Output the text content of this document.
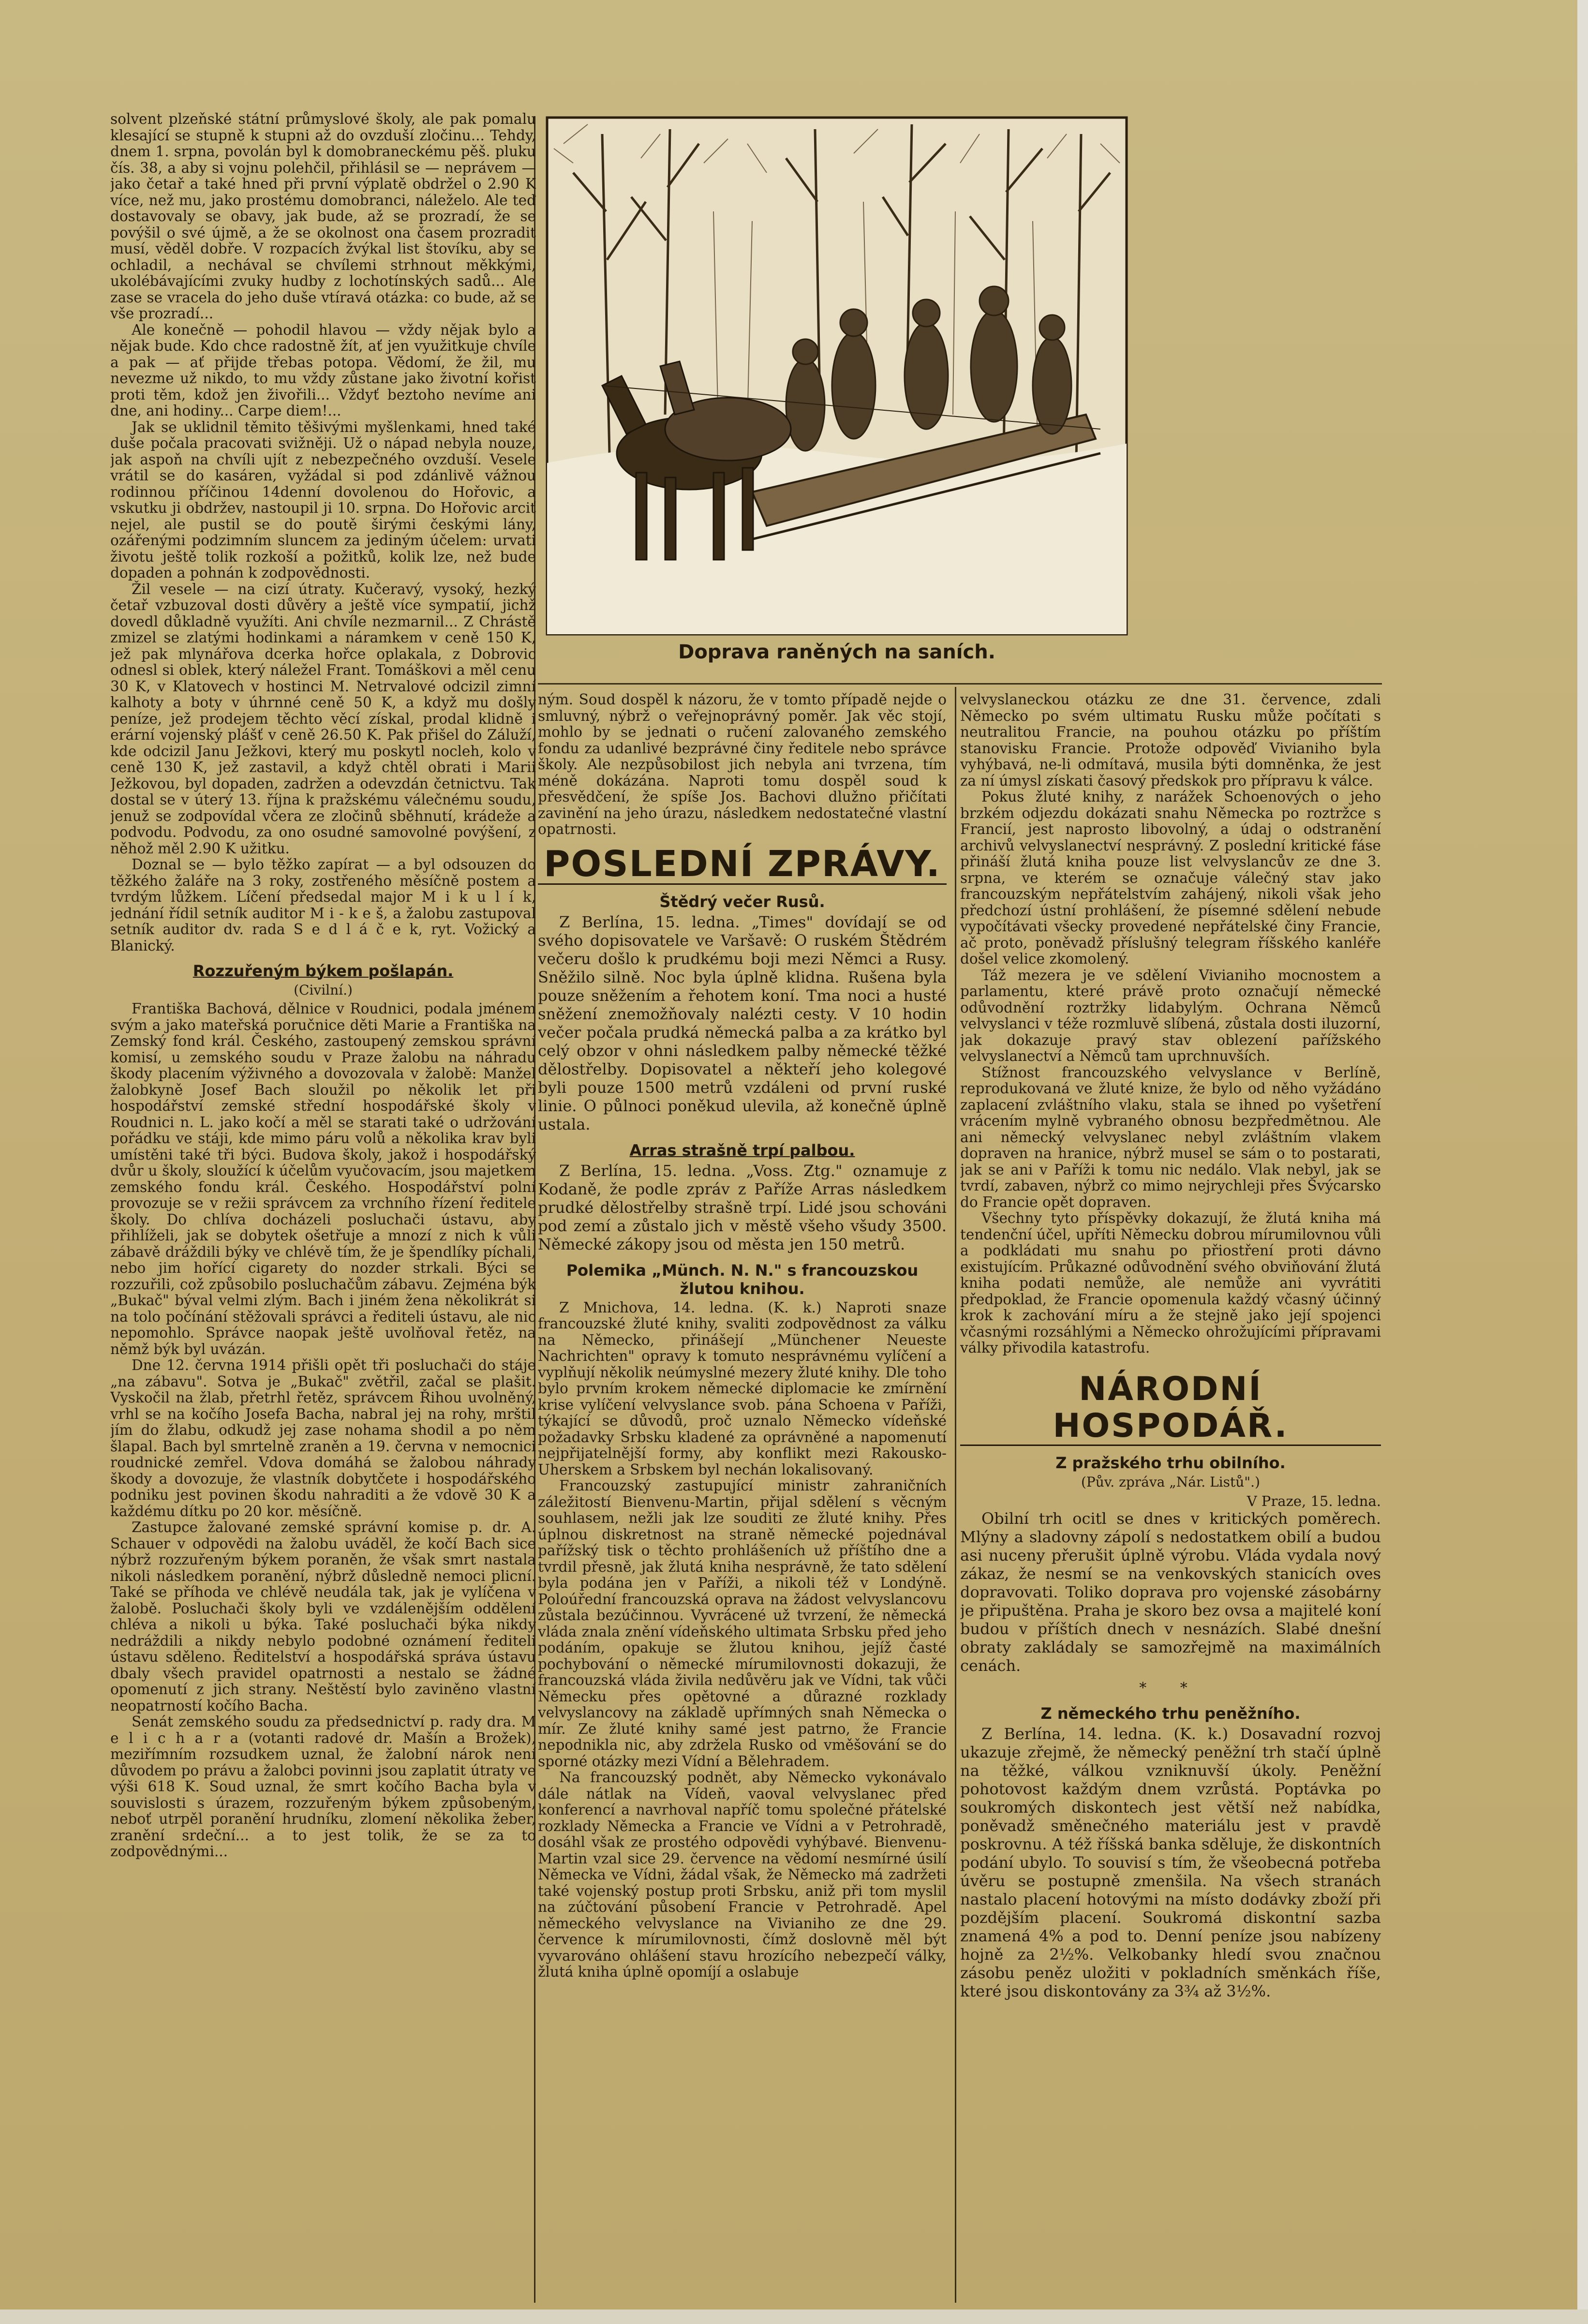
Doprava raněných na saních.

solvent plzeňské státní průmyslové školy, ale pak pomalu klesající se stupně k stupni až do ovzduší zločinu... Tehdy, dnem 1. srpna, povolán byl k domobraneckému pěš. pluku čís. 38, a aby si vojnu polehčil, přihlásil se — neprávem — jako četař a také hned při první výplatě obdržel o 2.90 K více, než mu, jako prostému domobranci, náleželo. Ale teď dostavovaly se obavy, jak bude, až se prozradí, že se povýšil o své újmě, a že se okolnost ona časem prozradit musí, věděl dobře. V rozpacích žvýkal list štovíku, aby se ochladil, a nechával se chvílemi strhnout měkkými, ukolébávajícími zvuky hudby z lochotínských sadů... Ale zase se vracela do jeho duše vtíravá otázka: co bude, až se vše prozradí...

Ale konečně — pohodil hlavou — vždy nějak bylo a nějak bude. Kdo chce radostně žít, ať jen využitkuje chvíle a pak — ať přijde třebas potopa. Vědomí, že žil, mu nevezme už nikdo, to mu vždy zůstane jako životní kořist proti těm, kdož jen živořili... Vždyť beztoho nevíme ani dne, ani hodiny... Carpe diem!...

Jak se uklidnil těmito těšivými myšlenkami, hned také duše počala pracovati svižněji. Už o nápad nebyla nouze, jak aspoň na chvíli ujít z nebezpečného ovzduší. Vesele vrátil se do kasáren, vyžádal si pod zdánlivě vážnou rodinnou příčinou 14denní dovolenou do Hořovic, a vskutku ji obdržev, nastoupil ji 10. srpna. Do Hořovic arciť nejel, ale pustil se do poutě širými českými lány, ozářenými podzimním sluncem za jediným účelem: urvati životu ještě tolik rozkoší a požitků, kolik lze, než bude dopaden a pohnán k zodpovědnosti.

Žil vesele — na cizí útraty. Kučeravý, vysoký, hezký četař vzbuzoval dosti důvěry a ještě více sympatií, jichž dovedl důkladně využíti. Ani chvíle nezmarnil... Z Chrástě zmizel se zlatými hodinkami a náramkem v ceně 150 K, jež pak mlynářova dcerka hořce oplakala, z Dobrovic odnesl si oblek, který náležel Frant. Tomáškovi a měl cenu 30 K, v Klatovech v hostinci M. Netrvalové odcizil zimní kalhoty a boty v úhrnné ceně 50 K, a když mu došly peníze, jež prodejem těchto věcí získal, prodal klidně i erární vojenský plášť v ceně 26.50 K. Pak přišel do Záluží, kde odcizil Janu Ježkovi, který mu poskytl nocleh, kolo v ceně 130 K, jež zastavil, a když chtěl obrati i Marii Ježkovou, byl dopaden, zadržen a odevzdán četnictvu. Tak dostal se v úterý 13. října k pražskému válečnému soudu, jenuž se zodpovídal včera ze zločinů sběhnutí, krádeže a podvodu. Podvodu, za ono osudné samovolné povýšení, z něhož měl 2.90 K užitku.

Doznal se — bylo těžko zapírat — a byl odsouzen do těžkého žaláře na 3 roky, zostřeného měsíčně postem a tvrdým lůžkem. Líčení předsedal major M i k u l í k, jednání řídil setník auditor M i - k e š, a žalobu zastupoval setník auditor dv. rada S e d l á č e k, ryt. Vožický a Blanický.

Rozzuřeným býkem pošlapán.
(Civilní.)

Františka Bachová, dělnice v Roudnici, podala jménem svým a jako mateřská poručnice děti Marie a Františka na Zemský fond král. Českého, zastoupený zemskou správní komisí, u zemského soudu v Praze žalobu na náhradu škody placením výživného a dovozovala v žalobě: Manžel žalobkyně Josef Bach sloužil po několik let při hospodářství zemské střední hospodářské školy v Roudnici n. L. jako kočí a měl se starati také o udržování pořádku ve stáji, kde mimo páru volů a několika krav byli umístěni také tři býci. Budova školy, jakož i hospodářský dvůr u školy, sloužící k účelům vyučovacím, jsou majetkem zemského fondu král. Českého. Hospodářství polní provozuje se v režii správcem za vrchního řízení ředitele školy. Do chlíva docházeli posluchači ústavu, aby přihlíželi, jak se dobytek ošetřuje a mnozí z nich k vůli zábavě dráždili býky ve chlévě tím, že je špendlíky píchali, nebo jim hořící cigarety do nozder strkali. Býci se rozzuřili, což způsobilo posluchačům zábavu. Zejména býk „Bukač" býval velmi zlým. Bach i jiném žena několikrát si na tolo počínání stěžovali správci a řediteli ústavu, ale nic nepomohlo. Správce naopak ještě uvolňoval řetěz, na němž býk byl uvázán.

Dne 12. června 1914 přišli opět tři posluchači do stáje „na zábavu". Sotva je „Bukač" zvětřil, začal se plašit. Vyskočil na žlab, přetrhl řetěz, správcem Řihou uvolněný, vrhl se na kočího Josefa Bacha, nabral jej na rohy, mrštil jím do žlabu, odkudž jej zase nohama shodil a po něm šlapal. Bach byl smrtelně zraněn a 19. června v nemocnici roudnické zemřel. Vdova domáhá se žalobou náhrady škody a dovozuje, že vlastník dobytčete i hospodářského podniku jest povinen škodu nahraditi a že vdově 30 K a každému dítku po 20 kor. měsíčně.

Zastupce žalované zemské správní komise p. dr. A. Schauer v odpovědi na žalobu uváděl, že kočí Bach sice nýbrž rozzuřeným býkem poraněn, že však smrt nastala nikoli následkem poranění, nýbrž důsledně nemoci plicní. Také se příhoda ve chlévě neudála tak, jak je vylíčena v žalobě. Posluchači školy byli ve vzdálenějším oddělení chléva a nikoli u býka. Také posluchači býka nikdy nedráždili a nikdy nebylo podobné oznámení řediteli ústavu sděleno. Ředitelství a hospodářská správa ústavu dbaly všech pravidel opatrnosti a nestalo se žádné opomenutí z jich strany. Neštěstí bylo zaviněno vlastní neopatrností kočího Bacha.

Senát zemského soudu za předsednictví p. rady dra. M e l i c h a r a (votanti radové dr. Mašín a Brožek), meziřímním rozsudkem uznal, že žalobní nárok není důvodem po právu a žalobci povinni jsou zaplatit útraty ve výši 618 K. Soud uznal, že smrt kočího Bacha byla v souvislosti s úrazem, rozzuřeným býkem způsobeným, neboť utrpěl poranění hrudníku, zlomení několika žeber, zranění srdeční... a to jest tolik, že se za to zodpovědnými...

ným. Soud dospěl k názoru, že v tomto případě nejde o smluvný, nýbrž o veřejnoprávný poměr. Jak věc stojí, mohlo by se jednati o ručení zalovaného zemského fondu za udanlivé bezprávné činy ředitele nebo správce školy. Ale nezpůsobilost jich nebyla ani tvrzena, tím méně dokázána. Naproti tomu dospěl soud k přesvědčení, že spíše Jos. Bachovi dlužno přičítati zavinění na jeho úrazu, následkem nedostatečné vlastní opatrnosti.

POSLEDNÍ ZPRÁVY.
Štědrý večer Rusů.

Z Berlína, 15. ledna. „Times" dovídají se od svého dopisovatele ve Varšavě: O ruském Štědrém večeru došlo k prudkému boji mezi Němci a Rusy. Sněžilo silně. Noc byla úplně klidna. Rušena byla pouze sněžením a řehotem koní. Tma noci a husté sněžení znemožňovaly nalézti cesty. V 10 hodin večer počala prudká německá palba a za krátko byl celý obzor v ohni následkem palby německé těžké dělostřelby. Dopisovatel a někteří jeho kolegové byli pouze 1500 metrů vzdáleni od první ruské linie. O půlnoci poněkud ulevila, až konečně úplně ustala.

Arras strašně trpí palbou.

Z Berlína, 15. ledna. „Voss. Ztg." oznamuje z Kodaně, že podle zpráv z Paříže Arras následkem prudké dělostřelby strašně trpí. Lidé jsou schováni pod zemí a zůstalo jich v městě všeho všudy 3500. Německé zákopy jsou od města jen 150 metrů.

Polemika „Münch. N. N." s francouzskou žlutou knihou.

Z Mnichova, 14. ledna. (K. k.) Naproti snaze francouzské žluté knihy, svaliti zodpovědnost za válku na Německo, přinášejí „Münchener Neueste Nachrichten" opravy k tomuto nesprávnému vylíčení a vyplňují několik neúmyslné mezery žluté knihy. Dle toho bylo prvním krokem německé diplomacie ke zmírnění krise vylíčení velvyslance svob. pána Schoena v Paříži, týkající se důvodů, proč uznalo Německo vídeňské požadavky Srbsku kladené za oprávněné a napomenutí nejpřijatelnější formy, aby konflikt mezi Rakousko-Uherskem a Srbskem byl nechán lokalisovaný.

Francouzský zastupující ministr zahraničních záležitostí Bienvenu-Martin, přijal sdělení s věcným souhlasem, nežli jak lze souditi ze žluté knihy. Přes úplnou diskretnost na straně německé pojednával pařížský tisk o těchto prohlášeních už příštího dne a tvrdil přesně, jak žlutá kniha nesprávně, že tato sdělení byla podána jen v Paříži, a nikoli též v Londýně. Poloúřední francouzská oprava na žádost velvyslancovu zůstala bezúčinnou. Vyvrácené už tvrzení, že německá vláda znala znění vídeňského ultimata Srbsku před jeho podáním, opakuje se žlutou knihou, jejíž časté pochybování o německé mírumilovnosti dokazuji, že francouzská vláda živila nedůvěru jak ve Vídni, tak vůči Německu přes opětovné a důrazné rozklady velvyslancovy na základě upřímných snah Německa o mír. Ze žluté knihy samé jest patrno, že Francie nepodnikla nic, aby zdržela Rusko od vměšování se do sporné otázky mezi Vídní a Bělehradem.

Na francouzský podnět, aby Německo vykonávalo dále nátlak na Vídeň, vaoval velvyslanec před konferencí a navrhoval napříč tomu společné přátelské rozklady Německa a Francie ve Vídni a v Petrohradě, dosáhl však ze prostého odpovědi vyhýbavé. Bienvenu-Martin vzal sice 29. července na vědomí nesmírné úsilí Německa ve Vídni, žádal však, že Německo má zadržeti také vojenský postup proti Srbsku, aniž při tom myslil na zúčtování působení Francie v Petrohradě. Apel německého velvyslance na Vivianiho ze dne 29. července k mírumilovnosti, čímž doslovně měl být vyvarováno ohlášení stavu hrozícího nebezpečí války, žlutá kniha úplně opomíjí a oslabuje

velvyslaneckou otázku ze dne 31. července, zdali Německo po svém ultimatu Rusku může počítati s neutralitou Francie, na pouhou otázku po příštím stanovisku Francie. Protože odpověď Vivianiho byla vyhýbavá, ne-li odmítavá, musila býti domněnka, že jest za ní úmysl získati časový předskok pro přípravu k válce.

Pokus žluté knihy, z narážek Schoenových o jeho brzkém odjezdu dokázati snahu Německa po roztržce s Francií, jest naprosto libovolný, a údaj o odstranění archivů velvyslanectví nesprávný. Z poslední kritické fáse přináší žlutá kniha pouze list velvyslancův ze dne 3. srpna, ve kterém se označuje válečný stav jako francouzským nepřátelstvím zahájený, nikoli však jeho předchozí ústní prohlášení, že písemné sdělení nebude vypočítávati všecky provedené nepřátelské činy Francie, ač proto, poněvadž příslušný telegram říšského kanléře došel velice zkomolený.

Táž mezera je ve sdělení Vivianiho mocnostem a parlamentu, které právě proto označují německé odůvodnění roztržky lidabylým. Ochrana Němců velvyslanci v téže rozmluvě slíbená, zůstala dosti iluzorní, jak dokazuje pravý stav oblezení pařížského velvyslanectví a Němců tam uprchnuvších.

Stížnost francouzského velvyslance v Berlíně, reprodukovaná ve žluté knize, že bylo od něho vyžádáno zaplacení zvláštního vlaku, stala se ihned po vyšetření vrácením mylně vybraného obnosu bezpředmětnou. Ale ani německý velvyslanec nebyl zvláštním vlakem dopraven na hranice, nýbrž musel se sám o to postarati, jak se ani v Paříži k tomu nic nedálo. Vlak nebyl, jak se tvrdí, zabaven, nýbrž co mimo nejrychleji přes Švýcarsko do Francie opět dopraven.

Všechny tyto příspěvky dokazují, že žlutá kniha má tendenční účel, upříti Německu dobrou mírumilovnou vůli a podkládati mu snahu po přiostření proti dávno existujícím. Průkazné odůvodnění svého obviňování žlutá kniha podati nemůže, ale nemůže ani vyvrátiti předpoklad, že Francie opomenula každý včasný účinný krok k zachování míru a že stejně jako její spojenci včasnými rozsáhlými a Německo ohrožujícími přípravami války přivodila katastrofu.

NÁRODNÍ HOSPODÁŘ.
Z pražského trhu obilního.
(Pův. zpráva „Nár. Listů".)

V Praze, 15. ledna.

Obilní trh ocitl se dnes v kritických poměrech. Mlýny a sladovny zápolí s nedostatkem obilí a budou asi nuceny přerušit úplně výrobu. Vláda vydala nový zákaz, že nesmí se na venkovských stanicích oves dopravovati. Toliko doprava pro vojenské zásobárny je připuštěna. Praha je skoro bez ovsa a majitelé koní budou v příštích dnech v nesnázích. Slabé dnešní obraty zakládaly se samozřejmě na maximálních cenách.

* *
Z německého trhu peněžního.

Z Berlína, 14. ledna. (K. k.) Dosavadní rozvoj ukazuje zřejmě, že německý peněžní trh stačí úplně na těžké, válkou vzniknuvší úkoly. Peněžní pohotovost každým dnem vzrůstá. Poptávka po soukromých diskontech jest větší než nabídka, poněvadž směnečného materiálu jest v pravdě poskrovnu. A též říšská banka sděluje, že diskontních podání ubylo. To souvisí s tím, že všeobecná potřeba úvěru se postupně zmenšila. Na všech stranách nastalo placení hotovými na místo dodávky zboží při pozdějším placení. Soukromá diskontní sazba znamená 4% a pod to. Denní peníze jsou nabízeny hojně za 2½%. Velkobanky hledí svou značnou zásobu peněz uložiti v pokladních směnkách říše, které jsou diskontovány za 3¾ až 3½%.
